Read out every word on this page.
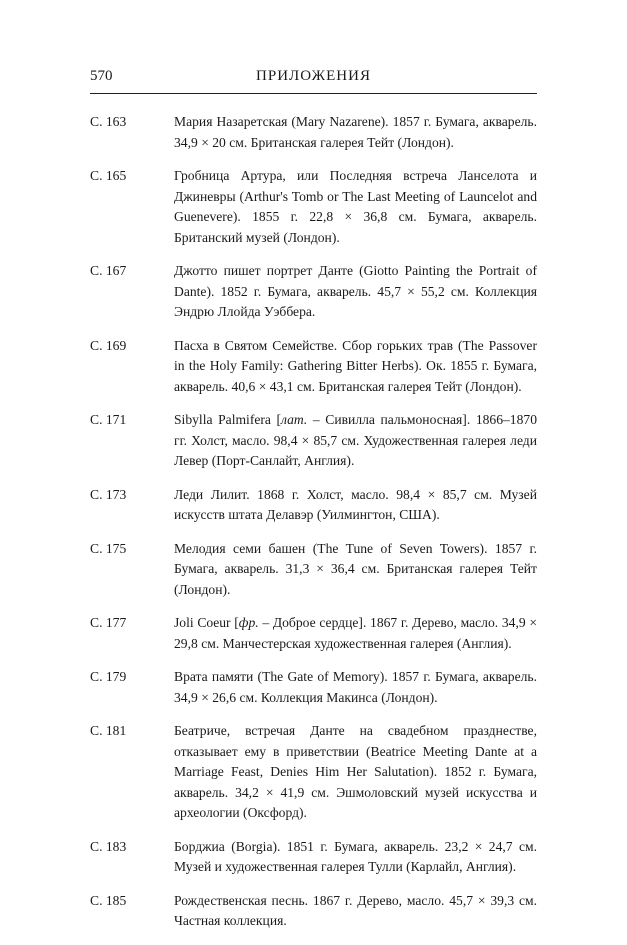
570	ПРИЛОЖЕНИЯ
С. 163	Мария Назаретская (Mary Nazarene). 1857 г. Бумага, акварель. 34,9 × 20 см. Британская галерея Тейт (Лондон).
С. 165	Гробница Артура, или Последняя встреча Ланселота и Джиневры (Arthur's Tomb or The Last Meeting of Launcelot and Guenevere). 1855 г. 22,8 × 36,8 см. Бумага, акварель. Британский музей (Лондон).
С. 167	Джотто пишет портрет Данте (Giotto Painting the Portrait of Dante). 1852 г. Бумага, акварель. 45,7 × 55,2 см. Коллекция Эндрю Ллойда Уэббера.
С. 169	Пасха в Святом Семействе. Сбор горьких трав (The Passover in the Holy Family: Gathering Bitter Herbs). Ок. 1855 г. Бумага, акварель. 40,6 × 43,1 см. Британская галерея Тейт (Лондон).
С. 171	Sibylla Palmifera [лат. – Сивилла пальмоносная]. 1866–1870 гг. Холст, масло. 98,4 × 85,7 см. Художественная галерея леди Левер (Порт-Санлайт, Англия).
С. 173	Леди Лилит. 1868 г. Холст, масло. 98,4 × 85,7 см. Музей искусств штата Делавэр (Уилмингтон, США).
С. 175	Мелодия семи башен (The Tune of Seven Towers). 1857 г. Бумага, акварель. 31,3 × 36,4 см. Британская галерея Тейт (Лондон).
С. 177	Joli Coeur [фр. – Доброе сердце]. 1867 г. Дерево, масло. 34,9 × 29,8 см. Манчестерская художественная галерея (Англия).
С. 179	Врата памяти (The Gate of Memory). 1857 г. Бумага, акварель. 34,9 × 26,6 см. Коллекция Макинса (Лондон).
С. 181	Беатриче, встречая Данте на свадебном празднестве, отказывает ему в приветствии (Beatrice Meeting Dante at a Marriage Feast, Denies Him Her Salutation). 1852 г. Бумага, акварель. 34,2 × 41,9 см. Эшмоловский музей искусства и археологии (Оксфорд).
С. 183	Борджиа (Borgia). 1851 г. Бумага, акварель. 23,2 × 24,7 см. Музей и художественная галерея Тулли (Карлайл, Англия).
С. 185	Рождественская песнь. 1867 г. Дерево, масло. 45,7 × 39,3 см. Частная коллекция.
